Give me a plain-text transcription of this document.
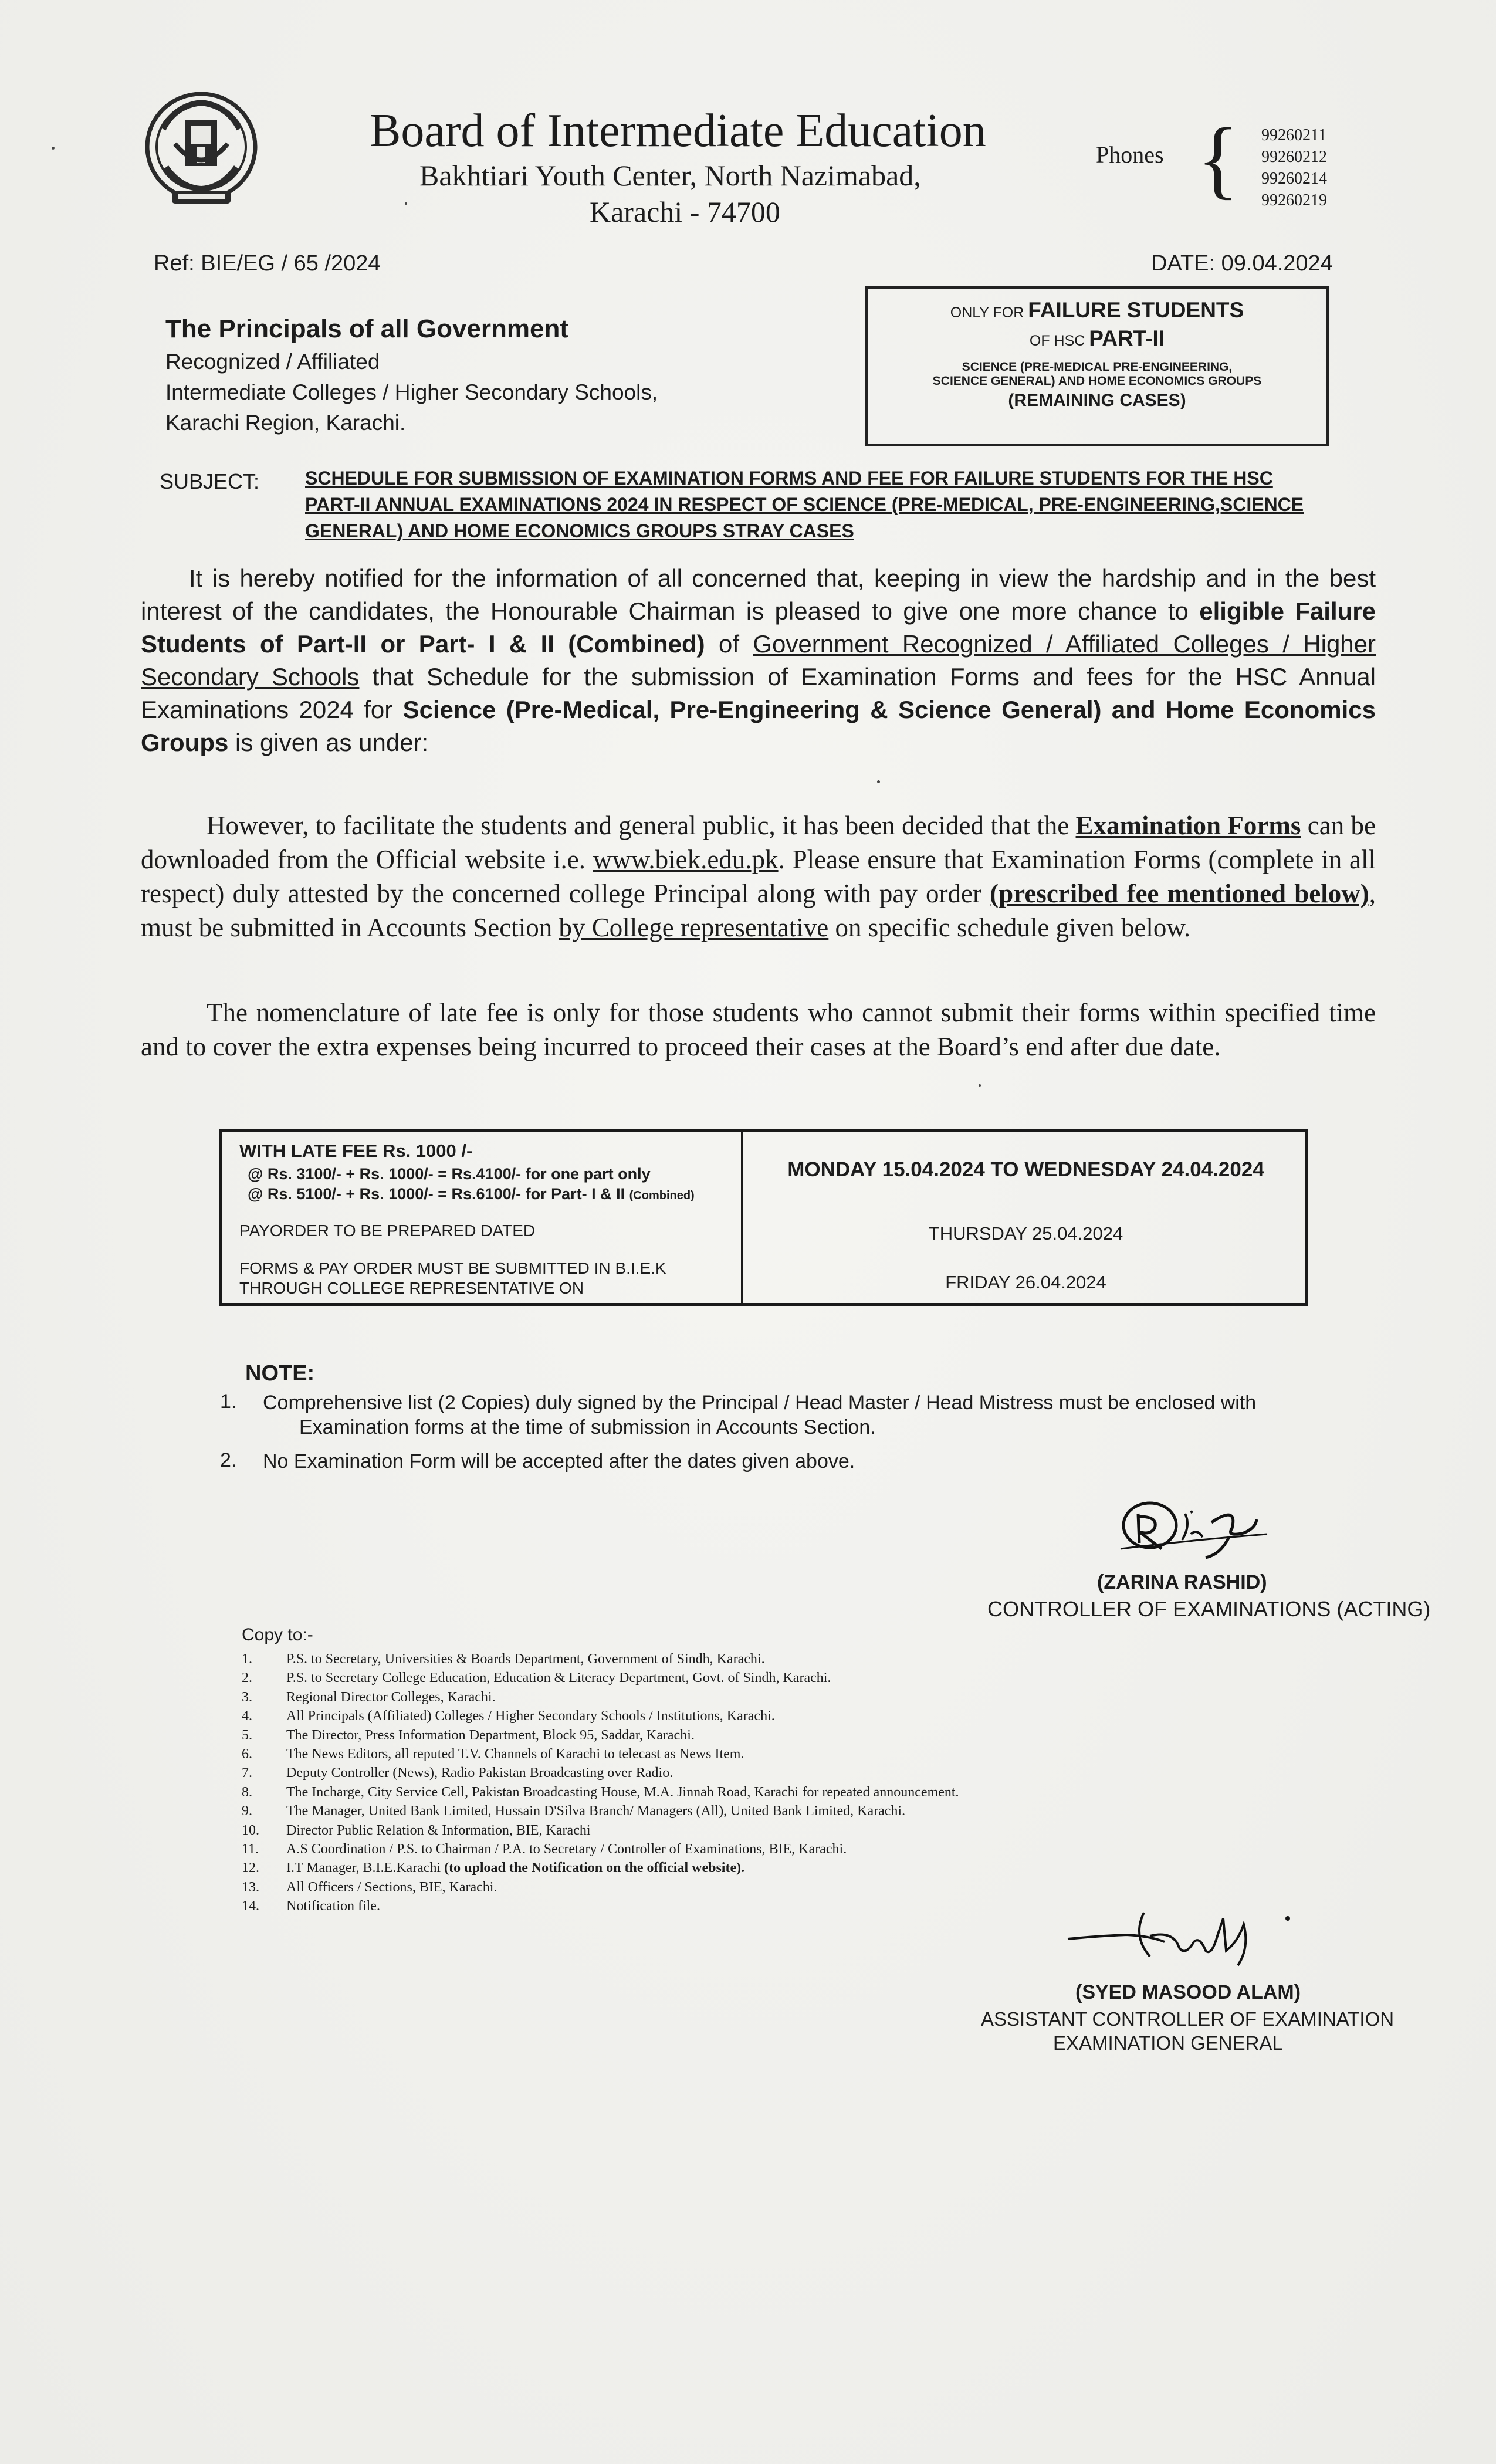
Board of Intermediate Education
Bakhtiari Youth Center, North Nazimabad,
Karachi - 74700
Phones { 99260211
99260212
99260214
99260219
Ref: BIE/EG / 65 /2024	DATE: 09.04.2024
The Principals of all Government
Recognized / Affiliated
Intermediate Colleges / Higher Secondary Schools,
Karachi Region, Karachi.
ONLY FOR FAILURE STUDENTS
OF HSC PART-II
SCIENCE (PRE-MEDICAL PRE-ENGINEERING,
SCIENCE GENERAL) AND HOME ECONOMICS GROUPS
(REMAINING CASES)
SUBJECT: SCHEDULE FOR SUBMISSION OF EXAMINATION FORMS AND FEE FOR FAILURE STUDENTS FOR THE HSC PART-II ANNUAL EXAMINATIONS 2024 IN RESPECT OF SCIENCE (PRE-MEDICAL, PRE-ENGINEERING,SCIENCE GENERAL) AND HOME ECONOMICS GROUPS STRAY CASES
It is hereby notified for the information of all concerned that, keeping in view the hardship and in the best interest of the candidates, the Honourable Chairman is pleased to give one more chance to eligible Failure Students of Part-II or Part- I & II (Combined) of Government Recognized / Affiliated Colleges / Higher Secondary Schools that Schedule for the submission of Examination Forms and fees for the HSC Annual Examinations 2024 for Science (Pre-Medical, Pre-Engineering & Science General) and Home Economics Groups is given as under:
However, to facilitate the students and general public, it has been decided that the Examination Forms can be downloaded from the Official website i.e. www.biek.edu.pk. Please ensure that Examination Forms (complete in all respect) duly attested by the concerned college Principal along with pay order (prescribed fee mentioned below), must be submitted in Accounts Section by College representative on specific schedule given below.
The nomenclature of late fee is only for those students who cannot submit their forms within specified time and to cover the extra expenses being incurred to proceed their cases at the Board’s end after due date.
WITH LATE FEE Rs. 1000 /-
@ Rs. 3100/- + Rs. 1000/- = Rs.4100/- for one part only
@ Rs. 5100/- + Rs. 1000/- = Rs.6100/- for Part- I & II (Combined)
PAYORDER TO BE PREPARED DATED
FORMS & PAY ORDER MUST BE SUBMITTED IN B.I.E.K
THROUGH COLLEGE REPRESENTATIVE ON
MONDAY 15.04.2024 TO WEDNESDAY 24.04.2024
THURSDAY 25.04.2024
FRIDAY 26.04.2024
NOTE:
1. Comprehensive list (2 Copies) duly signed by the Principal / Head Master / Head Mistress must be enclosed with
Examination forms at the time of submission in Accounts Section.
2. No Examination Form will be accepted after the dates given above.
(ZARINA RASHID)
CONTROLLER OF EXAMINATIONS (ACTING)
Copy to:-
1. P.S. to Secretary, Universities & Boards Department, Government of Sindh, Karachi.
2. P.S. to Secretary College Education, Education & Literacy Department, Govt. of Sindh, Karachi.
3. Regional Director Colleges, Karachi.
4. All Principals (Affiliated) Colleges / Higher Secondary Schools / Institutions, Karachi.
5. The Director, Press Information Department, Block 95, Saddar, Karachi.
6. The News Editors, all reputed T.V. Channels of Karachi to telecast as News Item.
7. Deputy Controller (News), Radio Pakistan Broadcasting over Radio.
8. The Incharge, City Service Cell, Pakistan Broadcasting House, M.A. Jinnah Road, Karachi for repeated announcement.
9. The Manager, United Bank Limited, Hussain D'Silva Branch/ Managers (All), United Bank Limited, Karachi.
10. Director Public Relation & Information, BIE, Karachi
11. A.S Coordination / P.S. to Chairman / P.A. to Secretary / Controller of Examinations, BIE, Karachi.
12. I.T Manager, B.I.E.Karachi (to upload the Notification on the official website).
13. All Officers / Sections, BIE, Karachi.
14. Notification file.
(SYED MASOOD ALAM)
ASSISTANT CONTROLLER OF EXAMINATION
EXAMINATION GENERAL
